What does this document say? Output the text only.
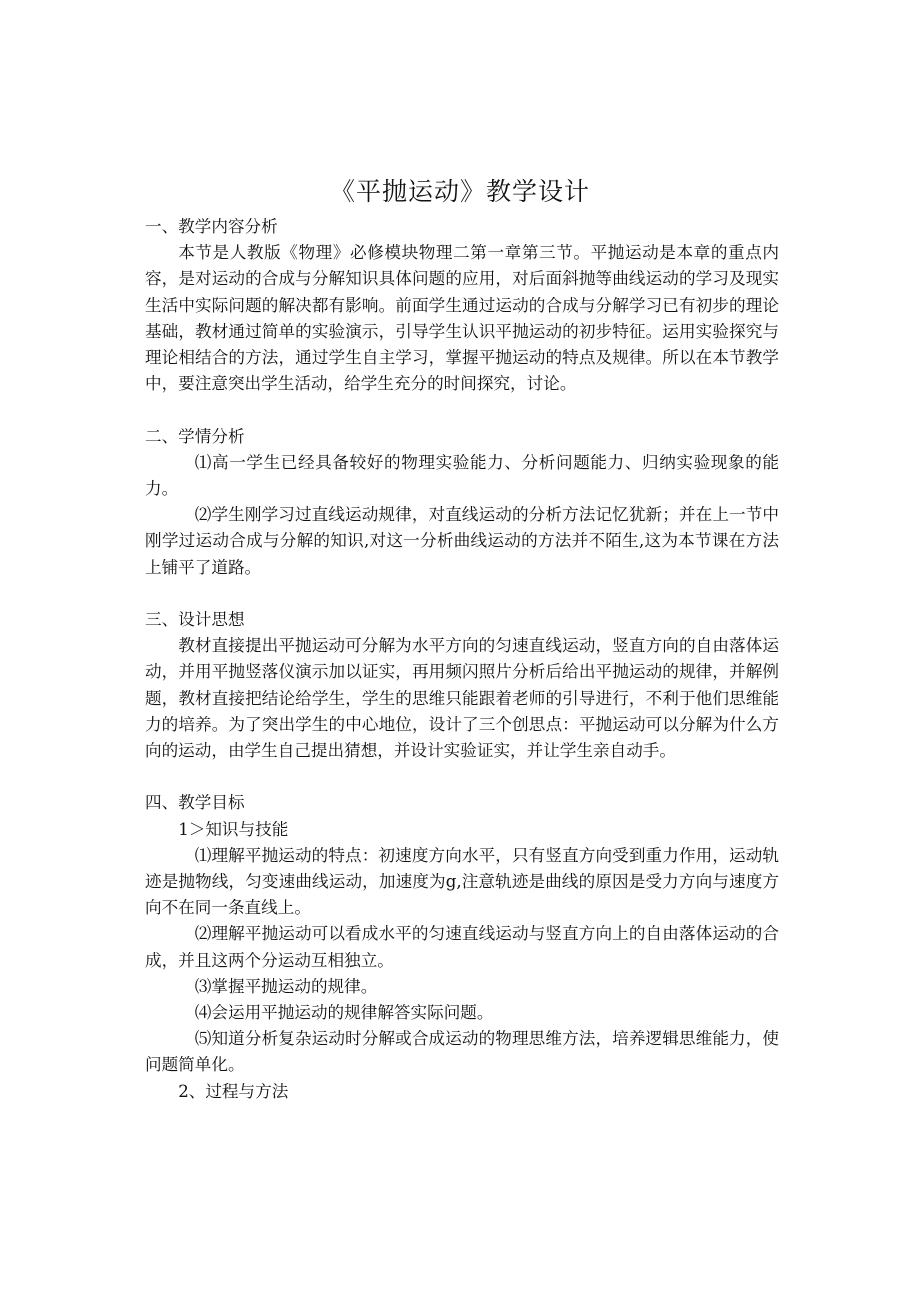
《平抛运动》教学设计

一、教学内容分析

本节是人教版《物理》必修模块物理二第一章第三节。平抛运动是本章的重点内容，是对运动的合成与分解知识具体问题的应用，对后面斜抛等曲线运动的学习及现实生活中实际问题的解决都有影响。前面学生通过运动的合成与分解学习已有初步的理论基础，教材通过简单的实验演示，引导学生认识平抛运动的初步特征。运用实验探究与理论相结合的方法，通过学生自主学习，掌握平抛运动的特点及规律。所以在本节教学中，要注意突出学生活动，给学生充分的时间探究，讨论。

二、学情分析

⑴高一学生已经具备较好的物理实验能力、分析问题能力、归纳实验现象的能力。

⑵学生刚学习过直线运动规律，对直线运动的分析方法记忆犹新；并在上一节中刚学过运动合成与分解的知识,对这一分析曲线运动的方法并不陌生,这为本节课在方法上铺平了道路。

三、设计思想

教材直接提出平抛运动可分解为水平方向的匀速直线运动，竖直方向的自由落体运动，并用平抛竖落仪演示加以证实，再用频闪照片分析后给出平抛运动的规律，并解例题，教材直接把结论给学生，学生的思维只能跟着老师的引导进行，不利于他们思维能力的培养。为了突出学生的中心地位，设计了三个创思点：平抛运动可以分解为什么方向的运动，由学生自己提出猜想，并设计实验证实，并让学生亲自动手。

四、教学目标

1＞知识与技能

⑴理解平抛运动的特点：初速度方向水平，只有竖直方向受到重力作用，运动轨迹是抛物线，匀变速曲线运动，加速度为g,注意轨迹是曲线的原因是受力方向与速度方向不在同一条直线上。

⑵理解平抛运动可以看成水平的匀速直线运动与竖直方向上的自由落体运动的合成，并且这两个分运动互相独立。

⑶掌握平抛运动的规律。

⑷会运用平抛运动的规律解答实际问题。

⑸知道分析复杂运动时分解或合成运动的物理思维方法，培养逻辑思维能力，使问题简单化。

2、过程与方法
